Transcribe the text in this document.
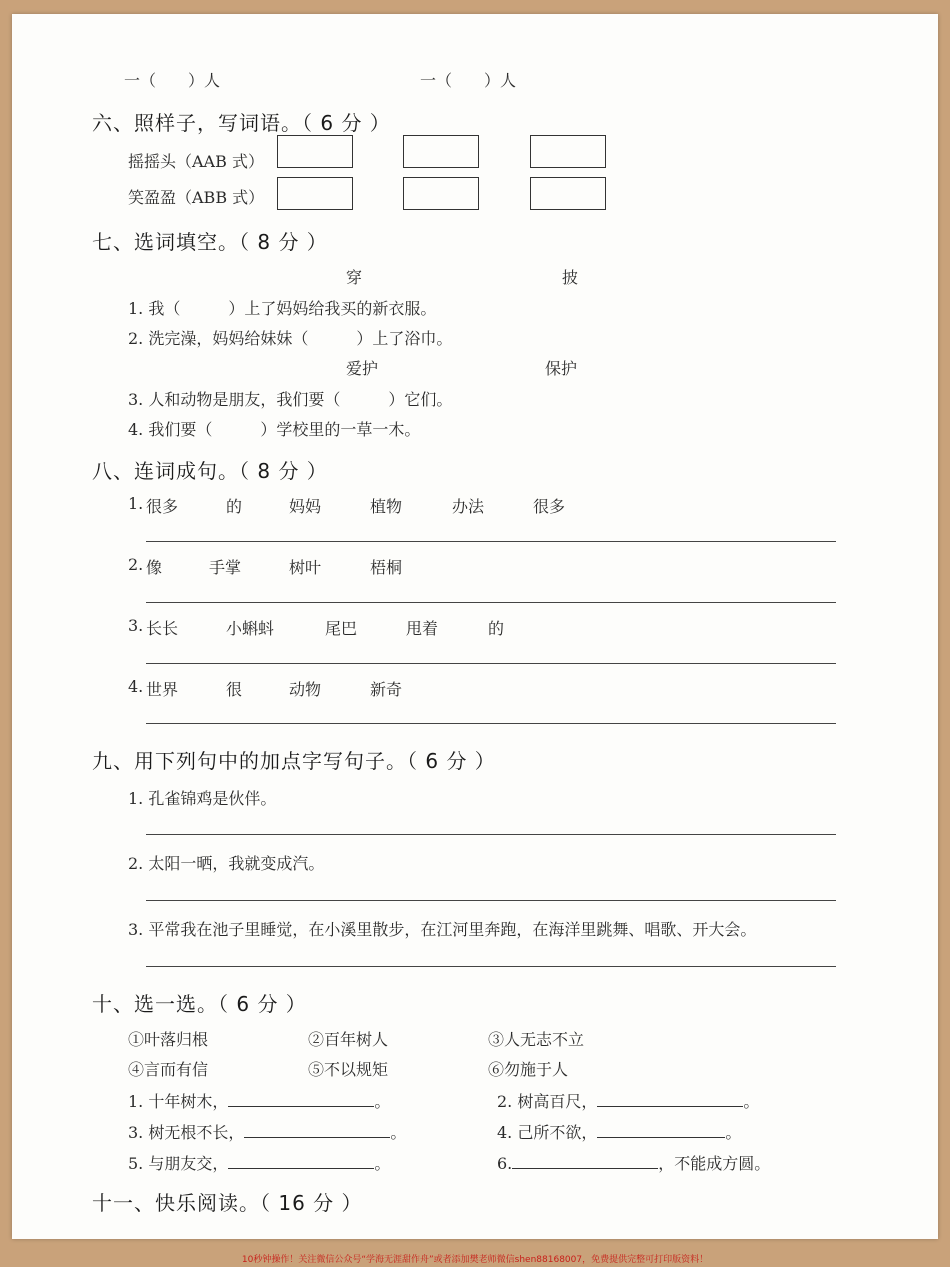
一（　　）人	一（　　）人
六、照样子，写词语。（ 6 分 ）
摇摇头（AAB 式）
笑盈盈（ABB 式）
七、选词填空。（ 8 分 ）
穿	披
1. 我（　　　）上了妈妈给我买的新衣服。
2. 洗完澡，妈妈给妹妹（　　　）上了浴巾。
爱护	保护
3. 人和动物是朋友，我们要（　　　）它们。
4. 我们要（　　　）学校里的一草一木。
八、连词成句。（ 8 分 ）
1. 很多	的	妈妈	植物	办法	很多
2. 像	手掌	树叶	梧桐
3. 长长	小蝌蚪	尾巴	甩着	的
4. 世界	很	动物	新奇
九、用下列句中的加点字写句子。（ 6 分 ）
1. 孔雀锦鸡是伙伴。
2. 太阳一晒，我就变成汽。
3. 平常我在池子里睡觉，在小溪里散步，在江河里奔跑，在海洋里跳舞、唱歌、开大会。
十、选一选。（ 6 分 ）
①叶落归根	②百年树人	③人无志不立
④言而有信	⑤不以规矩	⑥勿施于人
1. 十年树木，	。	2. 树高百尺，	。
3. 树无根不长，	。	4. 己所不欲，	。
5. 与朋友交，	。	6.	，不能成方圆。
十一、快乐阅读。（ 16 分 ）
10秒钟操作！关注微信公众号“学海无涯甜作舟”或者添加樊老师微信shen88168007，免费提供完整可打印版资料！
